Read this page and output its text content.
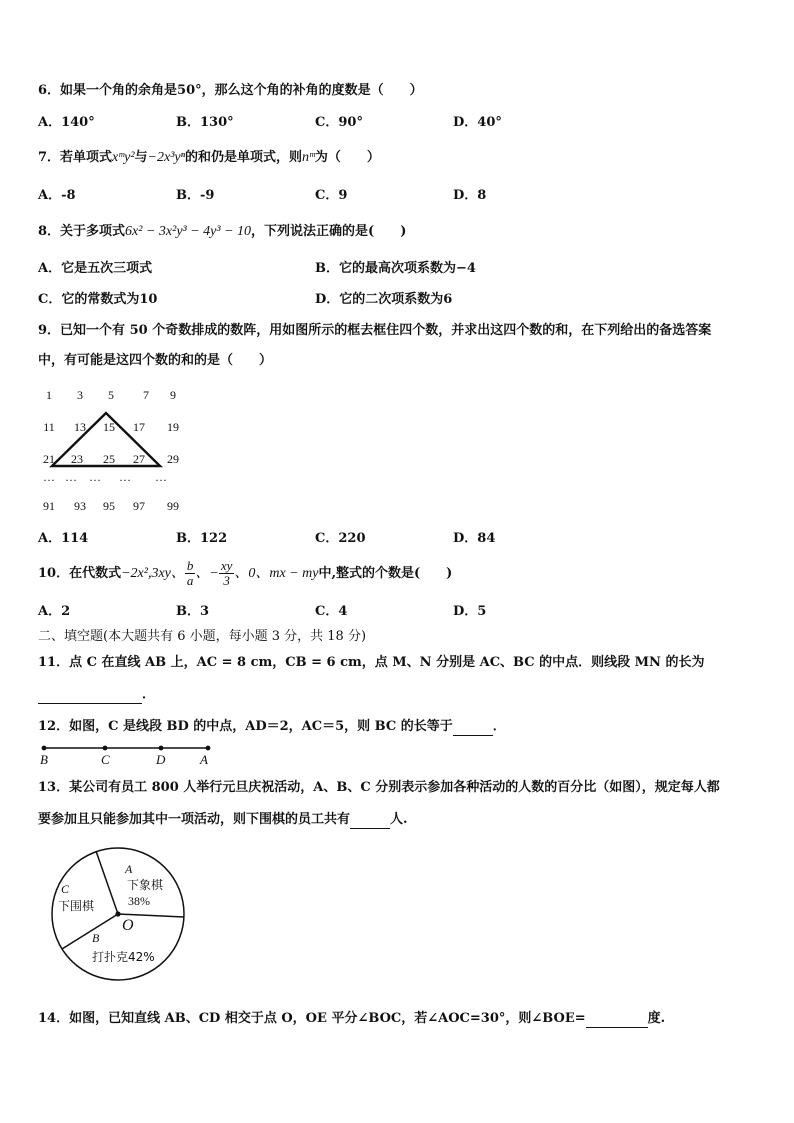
6．如果一个角的余角是50°，那么这个角的补角的度数是（　　）
A．140°	B．130°	C．90°	D．40°
7．若单项式xᵐy²与−2x³yⁿ的和仍是单项式，则nᵐ为（　　）
A．-8	B．-9	C．9	D．8
8．关于多项式6x² − 3x²y³ − 4y³ − 10，下列说法正确的是(　　)
A．它是五次三项式	B．它的最高次项系数为−4
C．它的常数式为10	D．它的二次项系数为6
9．已知一个有 50 个奇数排成的数阵，用如图所示的框去框住四个数，并求出这四个数的和，在下列给出的备选答案
中，有可能是这四个数的和的是（　　）
1	3	5	7	9
11	13	15	17	19
21	23	25	27	29
… …	…	…	…
91	93	95	97	99
A．114	B．122	C．220	D．84
10．在代数式−2x²,3xy、 $\frac{b}{a}$ 、− $\frac{xy}{3}$ 、0、mx − my中,整式的个数是(　　)
A．2	B．3	C．4	D．5
二、填空题(本大题共有 6 小题，每小题 3 分，共 18 分)
11．点 C 在直线 AB 上，AC = 8 cm，CB = 6 cm，点 M、N 分别是 AC、BC 的中点．则线段 MN 的长为
．
12．如图，C 是线段 BD 的中点，AD＝2，AC＝5，则 BC 的长等于	．
B	C	D	A
13．某公司有员工 800 人举行元旦庆祝活动，A、B、C 分别表示参加各种活动的人数的百分比（如图），规定每人都
要参加且只能参加其中一项活动，则下围棋的员工共有	人.
A
下象棋
38%
C
下围棋
O
B
打扑克42%
14．如图，已知直线 AB、CD 相交于点 O，OE 平分∠BOC，若∠AOC=30°，则∠BOE=	度.
